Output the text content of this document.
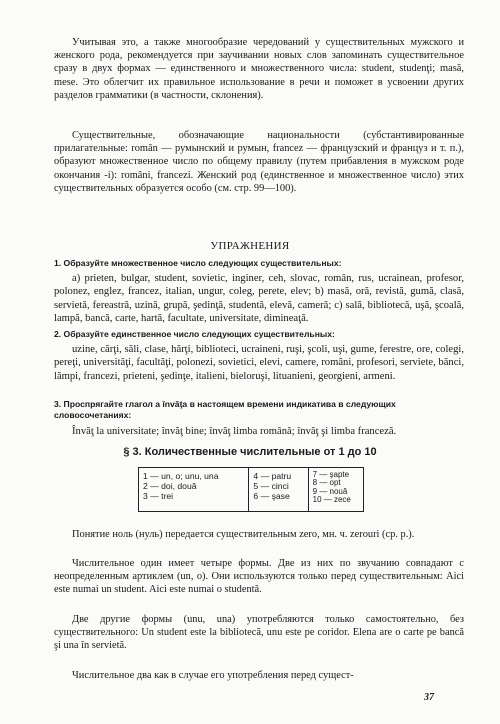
Учитывая это, а также многообразие чередований у существительных мужского и женского рода, рекомендуется при заучивании новых слов запоминать существительное сразу в двух формах — единственного и множественного числа: student, studenţi; masă, mese. Это облегчит их правильное использование в речи и поможет в усвоении других разделов грамматики (в частности, склонения).

Существительные, обозначающие национальности (субстантивированные прилагательные: român — румынский и румын, francez — французский и француз и т. п.), образуют множественное число по общему правилу (путем прибавления в мужском роде окончания -i): români, francezi. Женский род (единственное и множественное число) этих существительных образуется особо (см. стр. 99—100).

УПРАЖНЕНИЯ
1. Образуйте множественное число следующих существительных:

a) prieten, bulgar, student, sovietic, inginer, ceh, slovac, român, rus, ucrainean, profesor, polonez, englez, francez, italian, ungur, coleg, perete, elev; b) masă, oră, revistă, gumă, clasă, servietă, fereastră, uzină, grupă, şedinţă, studentă, elevă, cameră; c) sală, bibliotecă, uşă, şcoală, lampă, bancă, carte, hartă, facultate, universitate, dimineaţă.

2. Образуйте единственное число следующих существительных:

uzine, cărţi, săli, clase, hărţi, biblioteci, ucraineni, ruşi, şcoli, uşi, gume, ferestre, ore, colegi, pereţi, universităţi, facultăţi, polonezi, sovietici, elevi, camere, români, profesori, serviete, bănci, lămpi, francezi, prieteni, şedinţe, italieni, bieloruşi, lituanieni, georgieni, armeni.

3. Проспрягайте глагол a învăţa в настоящем времени индикатива в следующих словосочетаниях:

Învăţ la universitate; învăţ bine; învăţ limba română; învăţ şi limba franceză.

§ 3. Количественные числительные от 1 до 10
1 — un, o; unu, una
2 — doi, două
3 — trei
4 — patru
5 — cinci
6 — şase
7 — şapte
8 — opt
9 — nouă
10 — zece

Понятие ноль (нуль) передается существительным zero, мн. ч. zerouri (ср. р.).

Числительное один имеет четыре формы. Две из них по звучанию совпадают с неопределенным артиклем (un, o). Они используются только перед существительным: Aici este numai un student. Aici este numai o studentă.

Две другие формы (unu, una) употребляются только самостоятельно, без существительного: Un student este la bibliotecă, unu este pe coridor. Elena are o carte pe bancă şi una în servietă.

Числительное два как в случае его употребления перед сущест-

37
